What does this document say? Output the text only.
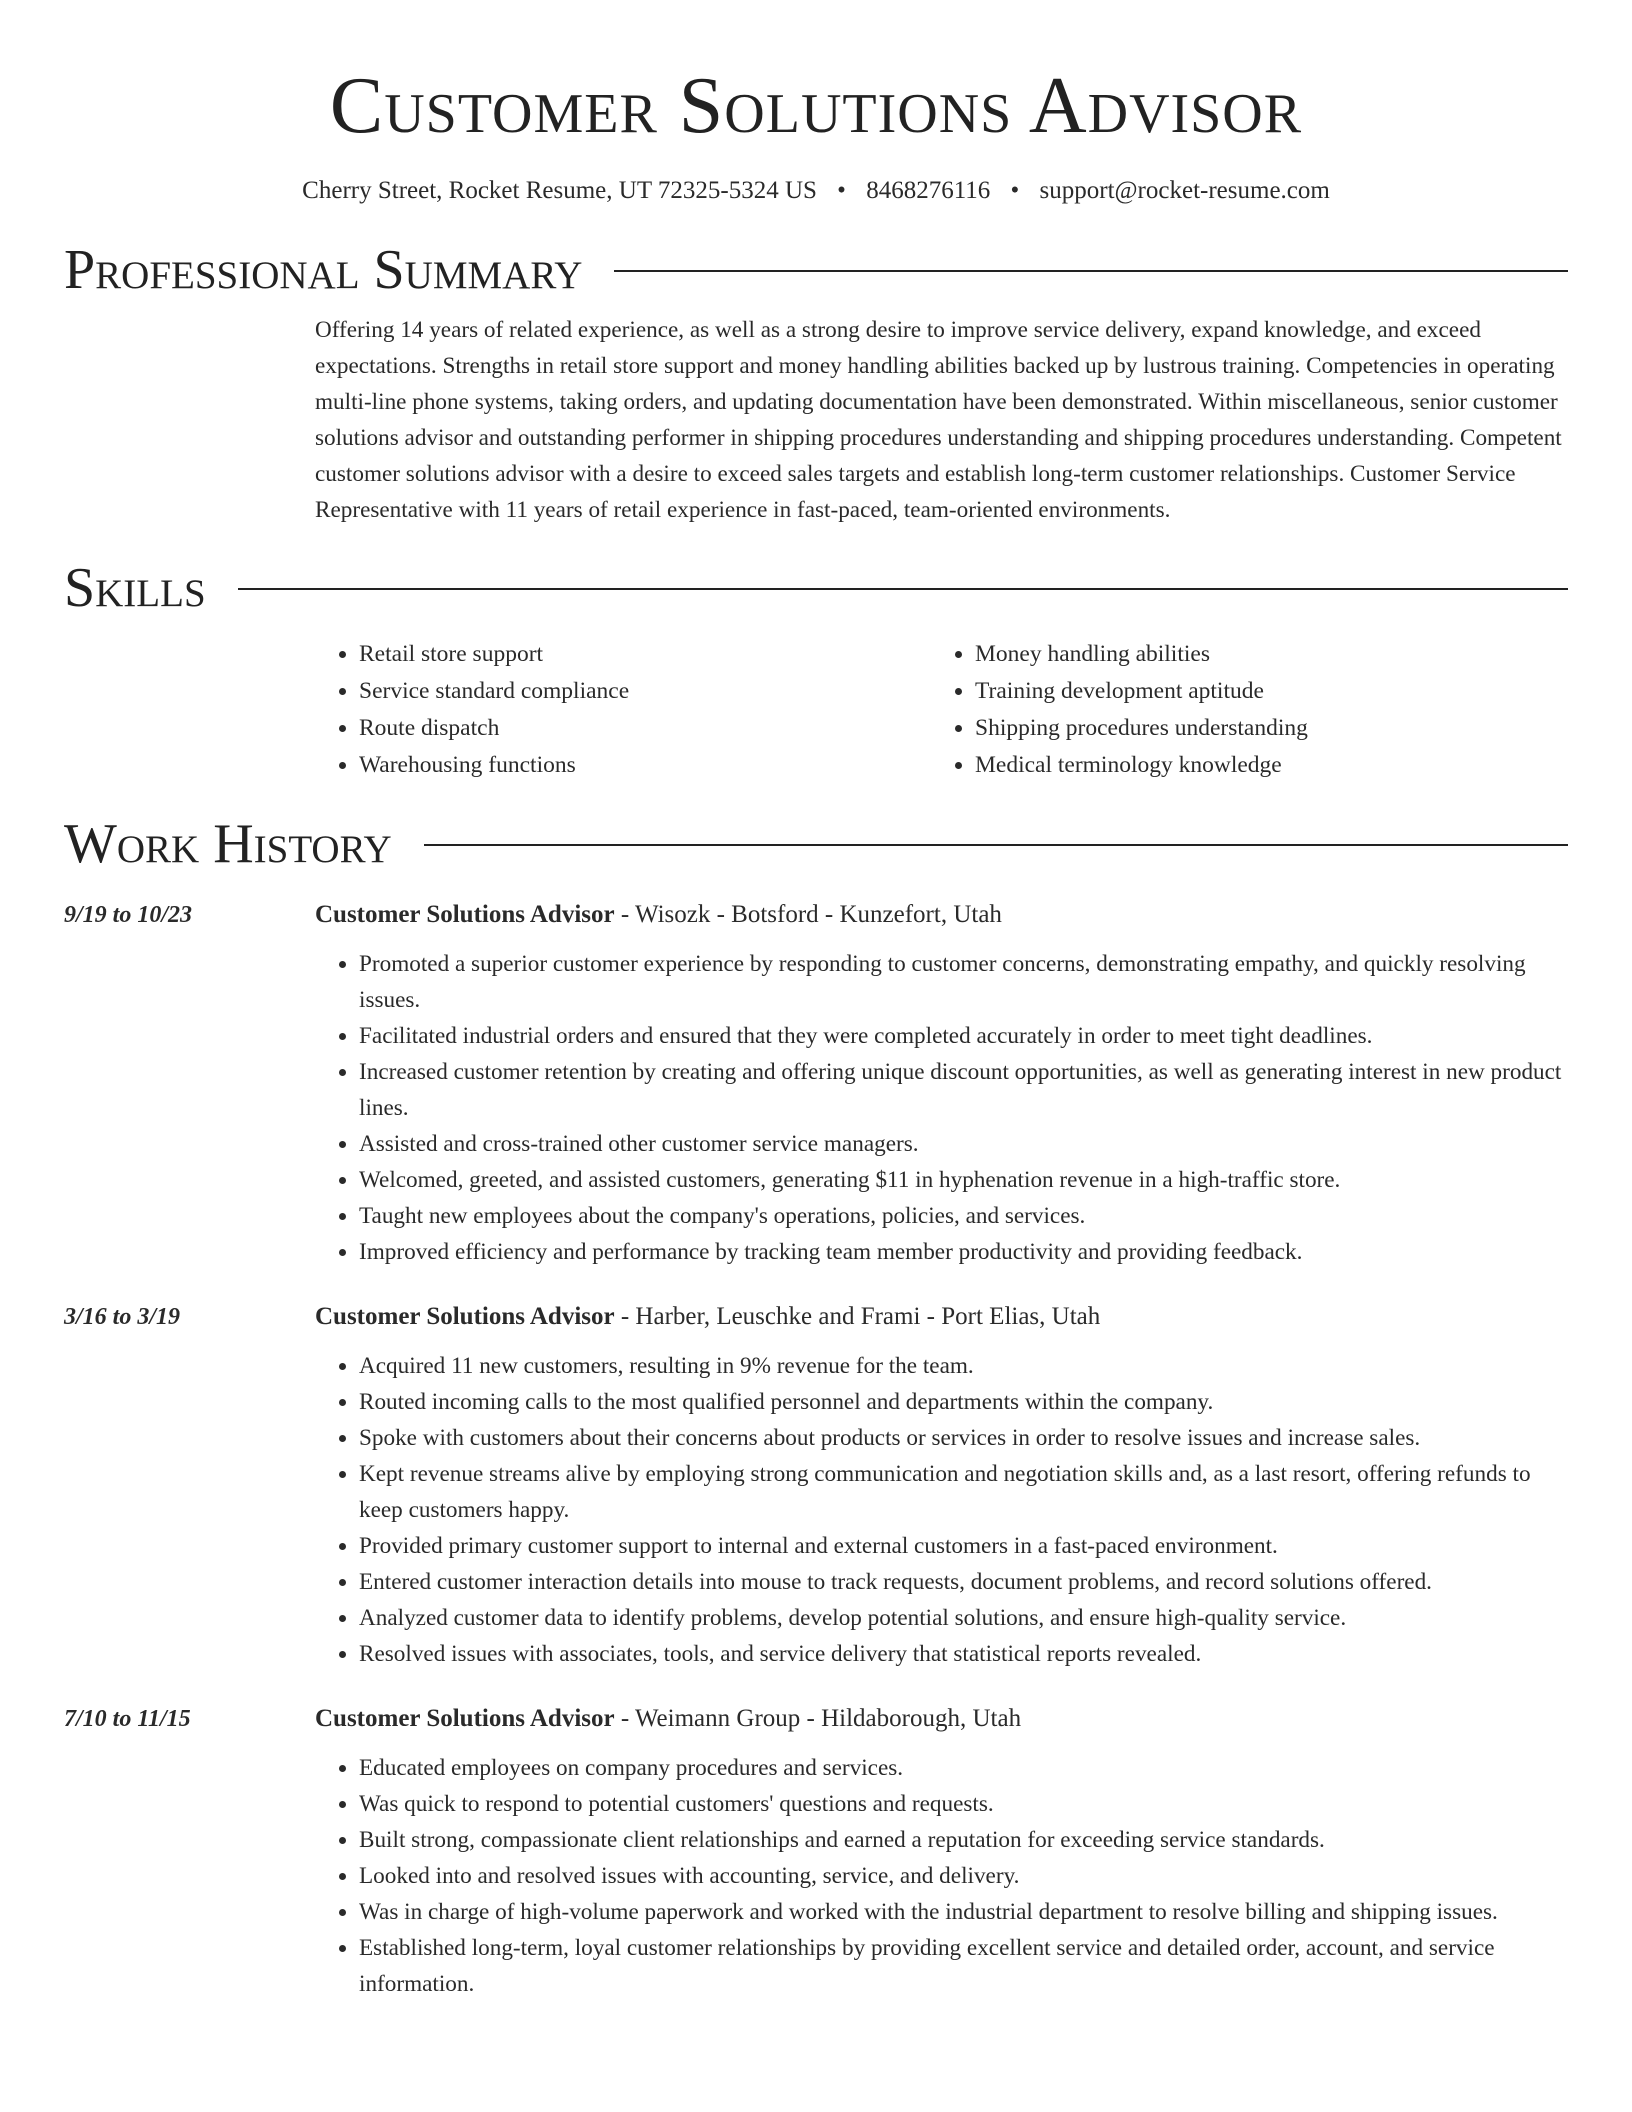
Customer Solutions Advisor
Cherry Street, Rocket Resume, UT 72325-5324 US • 8468276116 • support@rocket-resume.com
Professional Summary
Offering 14 years of related experience, as well as a strong desire to improve service delivery, expand knowledge, and exceed expectations. Strengths in retail store support and money handling abilities backed up by lustrous training. Competencies in operating multi-line phone systems, taking orders, and updating documentation have been demonstrated. Within miscellaneous, senior customer solutions advisor and outstanding performer in shipping procedures understanding and shipping procedures understanding. Competent customer solutions advisor with a desire to exceed sales targets and establish long-term customer relationships. Customer Service Representative with 11 years of retail experience in fast-paced, team-oriented environments.
Skills
• Retail store support
• Service standard compliance
• Route dispatch
• Warehousing functions
• Money handling abilities
• Training development aptitude
• Shipping procedures understanding
• Medical terminology knowledge
Work History
9/19 to 10/23	Customer Solutions Advisor - Wisozk - Botsford - Kunzefort, Utah
• Promoted a superior customer experience by responding to customer concerns, demonstrating empathy, and quickly resolving issues.
• Facilitated industrial orders and ensured that they were completed accurately in order to meet tight deadlines.
• Increased customer retention by creating and offering unique discount opportunities, as well as generating interest in new product lines.
• Assisted and cross-trained other customer service managers.
• Welcomed, greeted, and assisted customers, generating $11 in hyphenation revenue in a high-traffic store.
• Taught new employees about the company's operations, policies, and services.
• Improved efficiency and performance by tracking team member productivity and providing feedback.
3/16 to 3/19	Customer Solutions Advisor - Harber, Leuschke and Frami - Port Elias, Utah
• Acquired 11 new customers, resulting in 9% revenue for the team.
• Routed incoming calls to the most qualified personnel and departments within the company.
• Spoke with customers about their concerns about products or services in order to resolve issues and increase sales.
• Kept revenue streams alive by employing strong communication and negotiation skills and, as a last resort, offering refunds to keep customers happy.
• Provided primary customer support to internal and external customers in a fast-paced environment.
• Entered customer interaction details into mouse to track requests, document problems, and record solutions offered.
• Analyzed customer data to identify problems, develop potential solutions, and ensure high-quality service.
• Resolved issues with associates, tools, and service delivery that statistical reports revealed.
7/10 to 11/15	Customer Solutions Advisor - Weimann Group - Hildaborough, Utah
• Educated employees on company procedures and services.
• Was quick to respond to potential customers' questions and requests.
• Built strong, compassionate client relationships and earned a reputation for exceeding service standards.
• Looked into and resolved issues with accounting, service, and delivery.
• Was in charge of high-volume paperwork and worked with the industrial department to resolve billing and shipping issues.
• Established long-term, loyal customer relationships by providing excellent service and detailed order, account, and service information.
